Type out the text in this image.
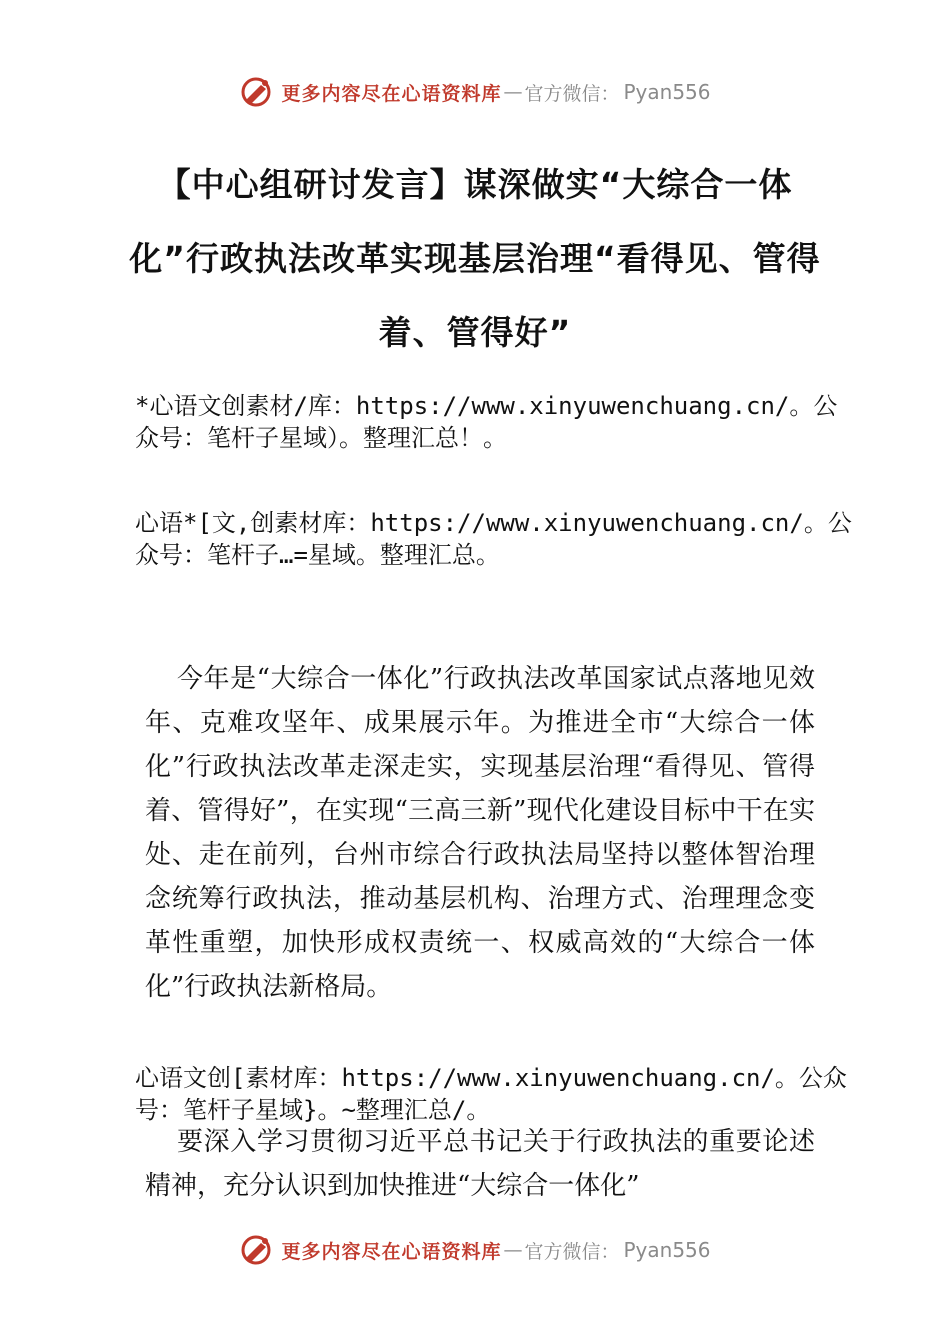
更多内容尽在心语资料库 — 官方微信： Pyan556
【中心组研讨发言】谋深做实“大综合一体化”行政执法改革实现基层治理“看得见、管得着、管得好”

*心语文创素材/库：https://www.xinyuwenchuang.cn/。公众号：笔杆子星域）。整理汇总！。

心语*[文,创素材库：https://www.xinyuwenchuang.cn/。公众号：笔杆子…=星域。整理汇总。

今年是“大综合一体化”行政执法改革国家试点落地见效年、克难攻坚年、成果展示年。为推进全市“大综合一体化”行政执法改革走深走实，实现基层治理“看得见、管得着、管得好”，在实现“三高三新”现代化建设目标中干在实处、走在前列，台州市综合行政执法局坚持以整体智治理念统筹行政执法，推动基层机构、治理方式、治理理念变革性重塑，加快形成权责统一、权威高效的“大综合一体化”行政执法新格局。

心语文创[素材库：https://www.xinyuwenchuang.cn/。公众号：笔杆子星域}。~整理汇总/。

要深入学习贯彻习近平总书记关于行政执法的重要论述精神，充分认识到加快推进“大综合一体化”

更多内容尽在心语资料库 — 官方微信： Pyan556
